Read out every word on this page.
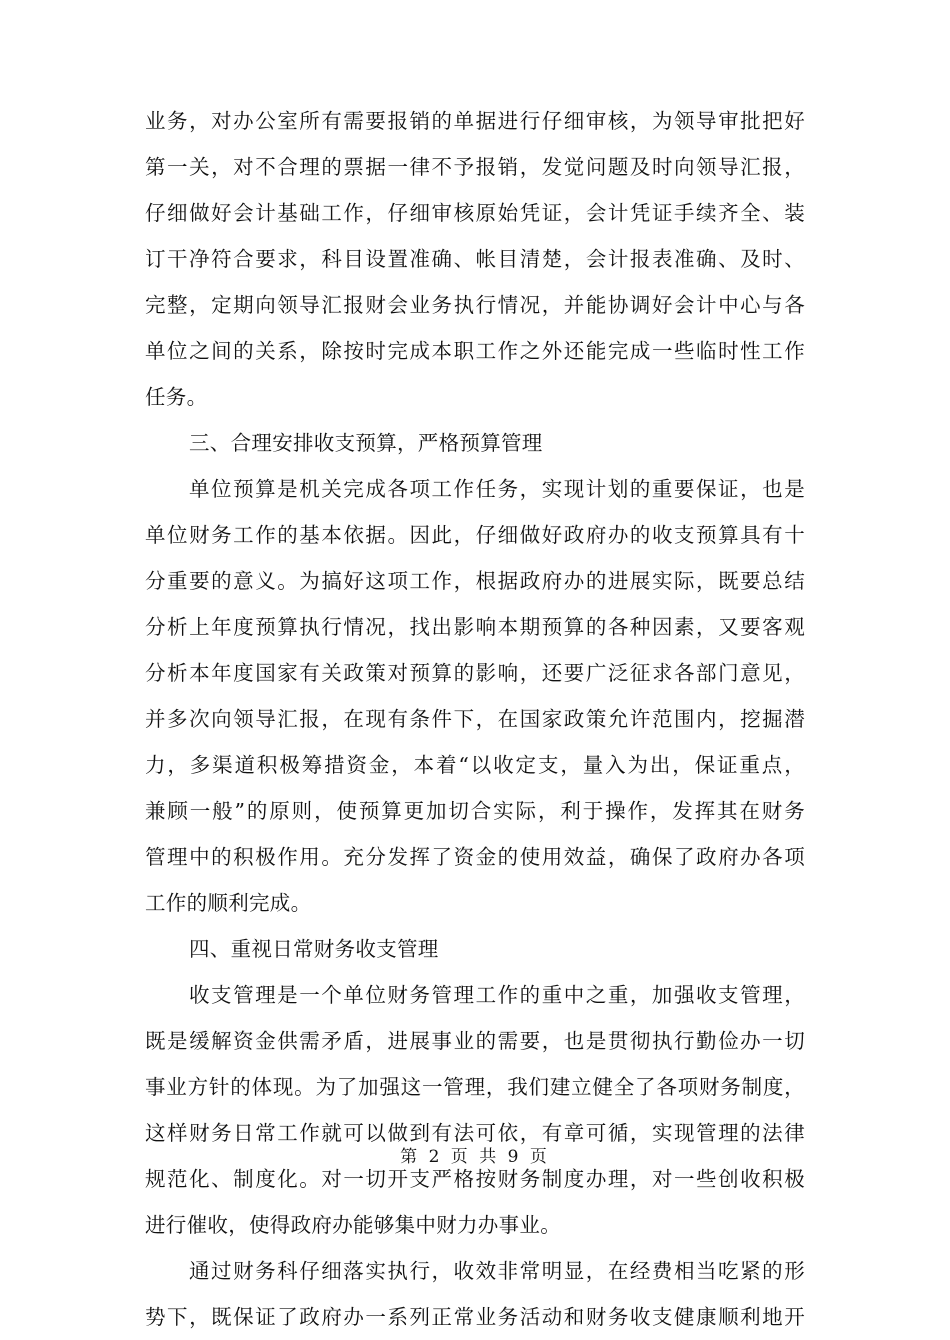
业务，对办公室所有需要报销的单据进行仔细审核，为领导审批把好
第一关，对不合理的票据一律不予报销，发觉问题及时向领导汇报，
仔细做好会计基础工作，仔细审核原始凭证，会计凭证手续齐全、装
订干净符合要求，科目设置准确、帐目清楚，会计报表准确、及时、
完整，定期向领导汇报财会业务执行情况，并能协调好会计中心与各
单位之间的关系，除按时完成本职工作之外还能完成一些临时性工作
任务。
三、合理安排收支预算，严格预算管理
单位预算是机关完成各项工作任务，实现计划的重要保证，也是
单位财务工作的基本依据。因此，仔细做好政府办的收支预算具有十
分重要的意义。为搞好这项工作，根据政府办的进展实际，既要总结
分析上年度预算执行情况，找出影响本期预算的各种因素，又要客观
分析本年度国家有关政策对预算的影响，还要广泛征求各部门意见，
并多次向领导汇报，在现有条件下，在国家政策允许范围内，挖掘潜
力，多渠道积极筹措资金，本着“以收定支，量入为出，保证重点，
兼顾一般”的原则，使预算更加切合实际，利于操作，发挥其在财务
管理中的积极作用。充分发挥了资金的使用效益，确保了政府办各项
工作的顺利完成。
四、重视日常财务收支管理
收支管理是一个单位财务管理工作的重中之重，加强收支管理，
既是缓解资金供需矛盾，进展事业的需要，也是贯彻执行勤俭办一切
事业方针的体现。为了加强这一管理，我们建立健全了各项财务制度，
这样财务日常工作就可以做到有法可依，有章可循，实现管理的法律
规范化、制度化。对一切开支严格按财务制度办理，对一些创收积极
进行催收，使得政府办能够集中财力办事业。
通过财务科仔细落实执行，收效非常明显，在经费相当吃紧的形
势下，既保证了政府办一系列正常业务活动和财务收支健康顺利地开
第 2 页 共 9 页
